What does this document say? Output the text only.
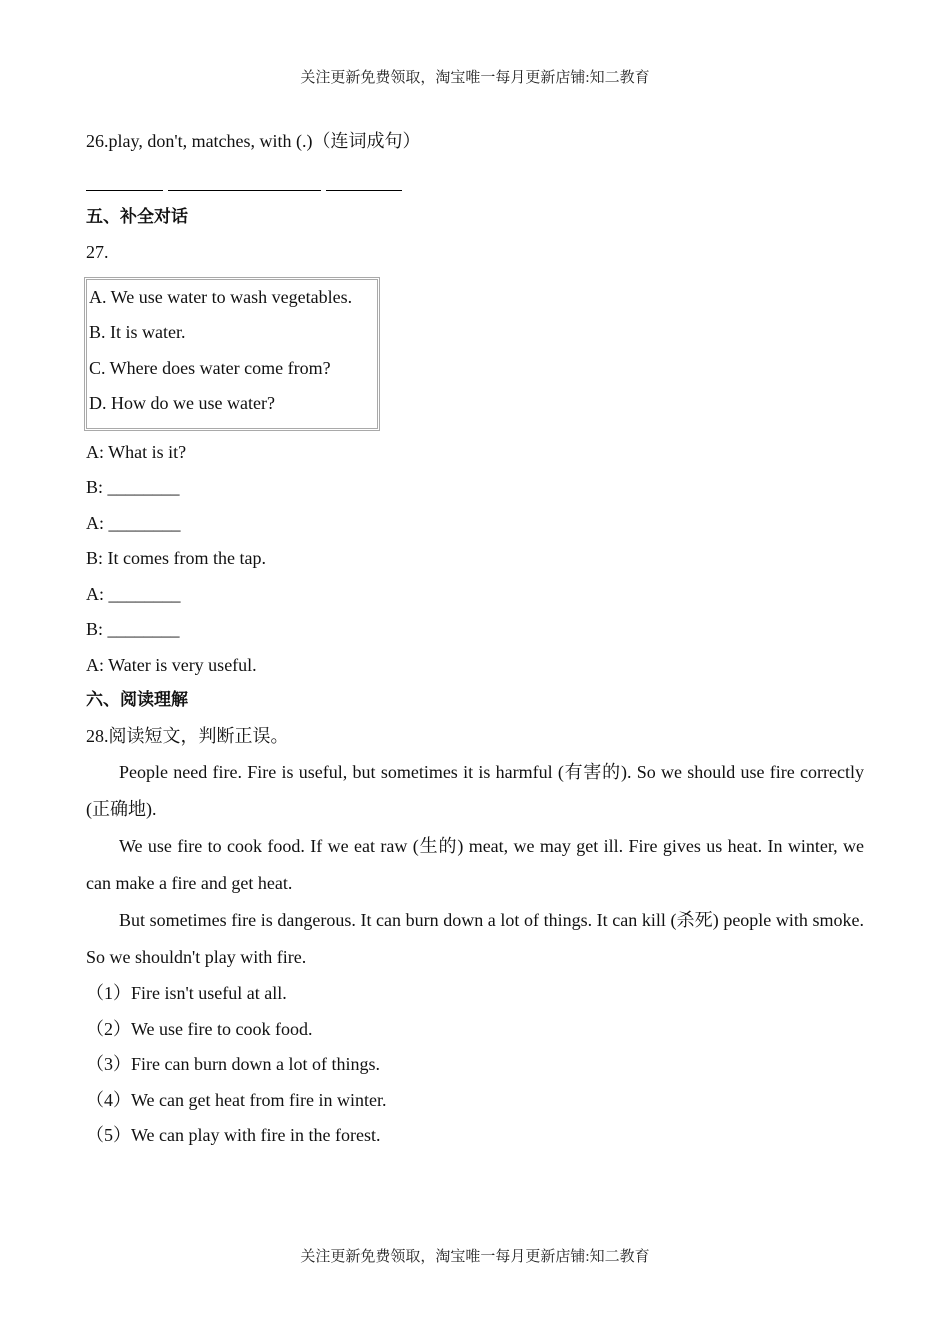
关注更新免费领取，淘宝唯一每月更新店铺:知二教育

26.play, don't, matches, with (.)（连词成句）

五、补全对话

27.

A. We use water to wash vegetables.

B. It is water.

C. Where does water come from?

D. How do we use water?

A: What is it?

B: ________

A: ________

B: It comes from the tap.

A: ________

B: ________

A: Water is very useful.

六、阅读理解

28.阅读短文，判断正误。

People need fire. Fire is useful, but sometimes it is harmful (有害的). So we should use fire correctly (正确地).

We use fire to cook food. If we eat raw (生的) meat, we may get ill. Fire gives us heat. In winter, we can make a fire and get heat.

But sometimes fire is dangerous. It can burn down a lot of things. It can kill (杀死) people with smoke. So we shouldn't play with fire.

（1）Fire isn't useful at all.

（2）We use fire to cook food.

（3）Fire can burn down a lot of things.

（4）We can get heat from fire in winter.

（5）We can play with fire in the forest.

关注更新免费领取，淘宝唯一每月更新店铺:知二教育
